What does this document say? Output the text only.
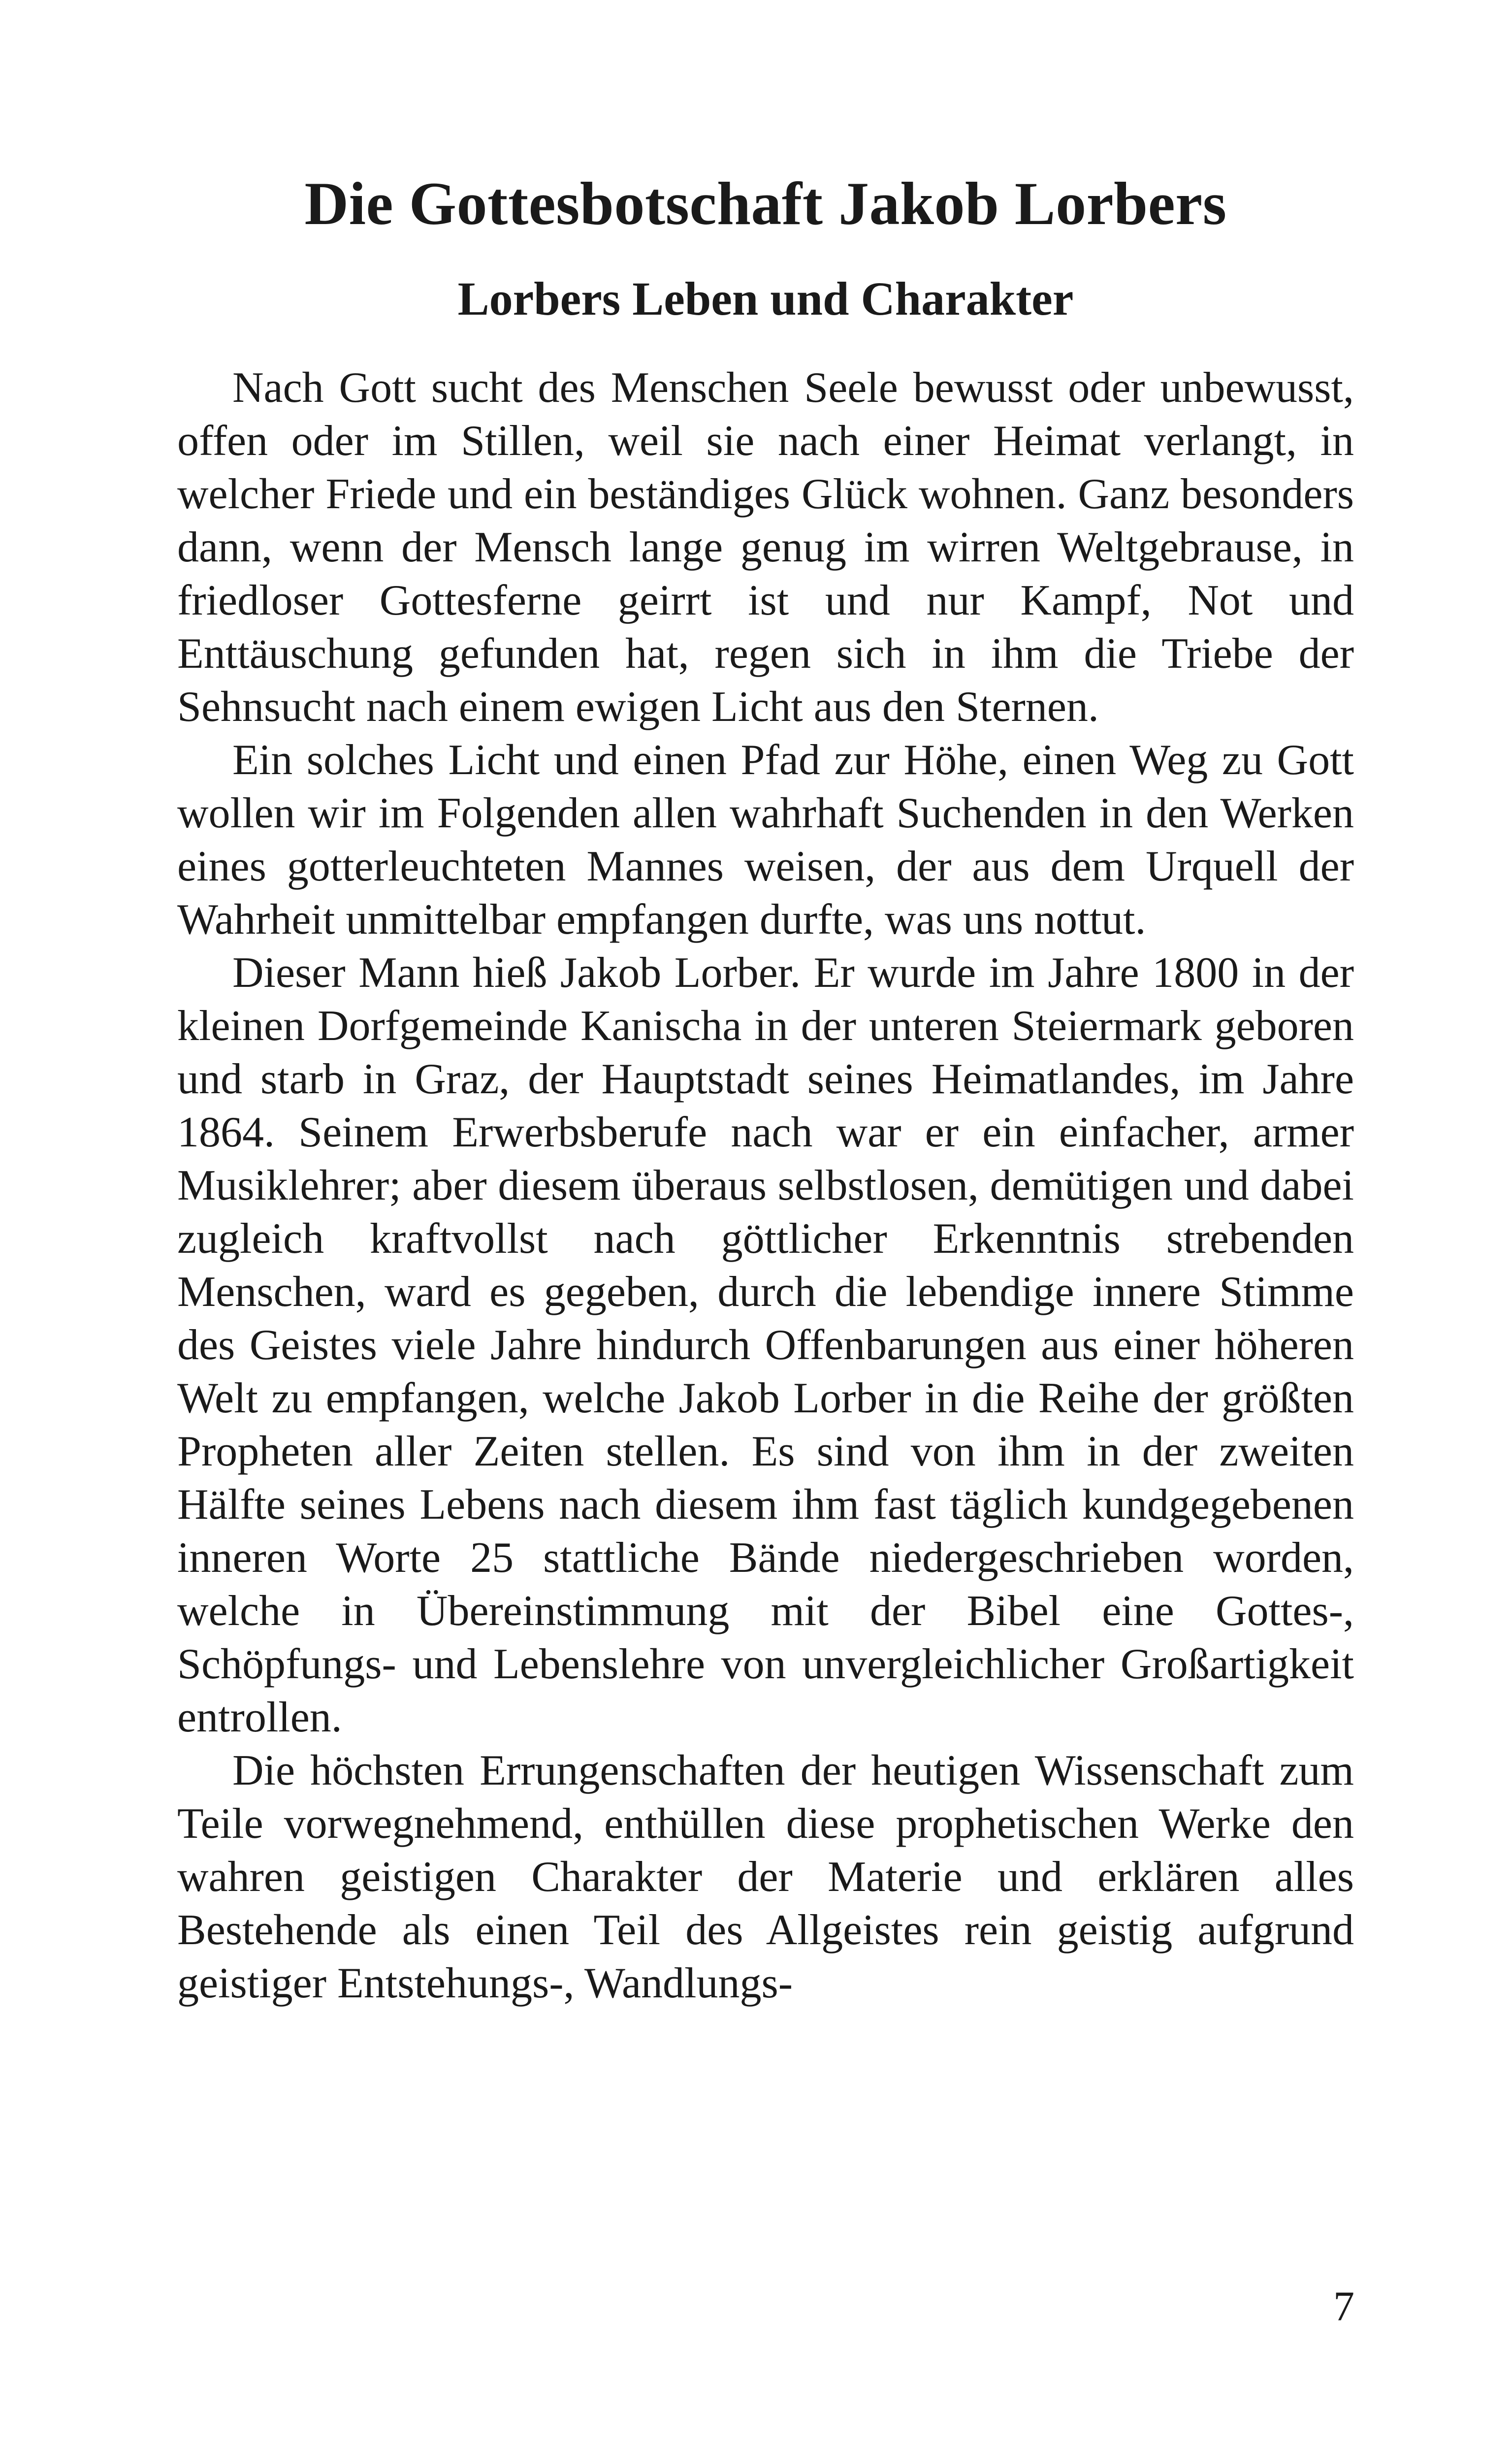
Die Gottesbotschaft Jakob Lorbers
Lorbers Leben und Charakter

Nach Gott sucht des Menschen Seele bewusst oder unbewusst, offen oder im Stillen, weil sie nach einer Heimat verlangt, in welcher Friede und ein beständiges Glück wohnen. Ganz besonders dann, wenn der Mensch lange genug im wirren Weltgebrause, in friedloser Gottesferne geirrt ist und nur Kampf, Not und Enttäuschung gefunden hat, regen sich in ihm die Triebe der Sehnsucht nach einem ewigen Licht aus den Sternen.

Ein solches Licht und einen Pfad zur Höhe, einen Weg zu Gott wollen wir im Folgenden allen wahrhaft Suchenden in den Werken eines gotterleuchteten Mannes weisen, der aus dem Urquell der Wahrheit unmittelbar empfangen durfte, was uns nottut.

Dieser Mann hieß Jakob Lorber. Er wurde im Jahre 1800 in der kleinen Dorfgemeinde Kanischa in der unteren Steiermark geboren und starb in Graz, der Hauptstadt seines Heimatlandes, im Jahre 1864. Seinem Erwerbsberufe nach war er ein einfacher, armer Musiklehrer; aber diesem überaus selbstlosen, demütigen und dabei zugleich kraftvollst nach göttlicher Erkenntnis strebenden Menschen, ward es gegeben, durch die lebendige innere Stimme des Geistes viele Jahre hindurch Offenbarungen aus einer höheren Welt zu empfangen, welche Jakob Lorber in die Reihe der größten Propheten aller Zeiten stellen. Es sind von ihm in der zweiten Hälfte seines Lebens nach diesem ihm fast täglich kundgegebenen inneren Worte 25 stattliche Bände niedergeschrieben worden, welche in Übereinstimmung mit der Bibel eine Gottes-, Schöpfungs- und Lebenslehre von unvergleichlicher Großartigkeit entrollen.

Die höchsten Errungenschaften der heutigen Wissenschaft zum Teile vorwegnehmend, enthüllen diese prophetischen Werke den wahren geistigen Charakter der Materie und erklären alles Bestehende als einen Teil des Allgeistes rein geistig aufgrund geistiger Entstehungs-, Wandlungs-

7
